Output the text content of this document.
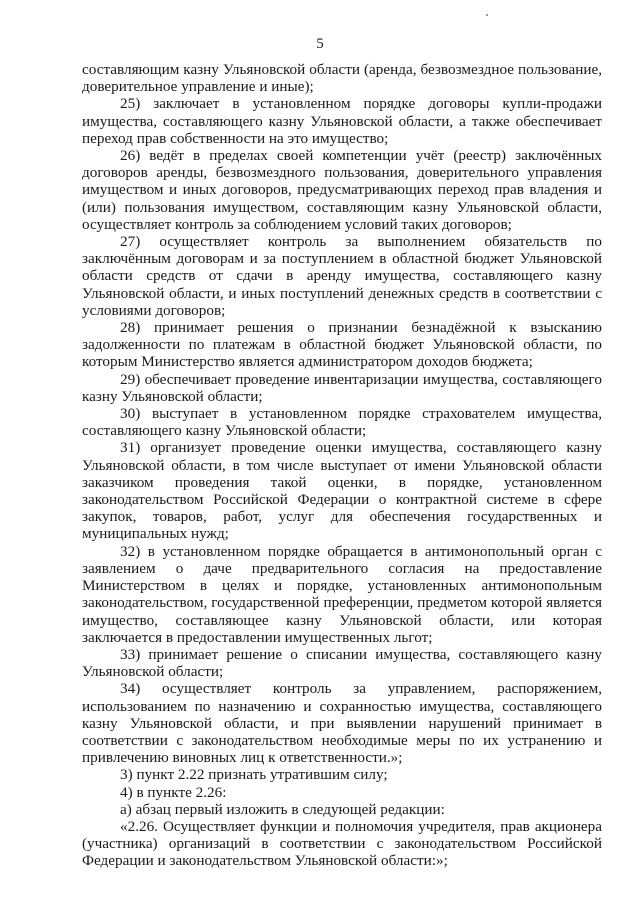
5

составляющим казну Ульяновской области (аренда, безвозмездное пользование, доверительное управление и иные);

25) заключает в установленном порядке договоры купли-продажи имущества, составляющего казну Ульяновской области, а также обеспечивает переход прав собственности на это имущество;

26) ведёт в пределах своей компетенции учёт (реестр) заключённых договоров аренды, безвозмездного пользования, доверительного управления имуществом и иных договоров, предусматривающих переход прав владения и (или) пользования имуществом, составляющим казну Ульяновской области, осуществляет контроль за соблюдением условий таких договоров;

27) осуществляет контроль за выполнением обязательств по заключённым договорам и за поступлением в областной бюджет Ульяновской области средств от сдачи в аренду имущества, составляющего казну Ульяновской области, и иных поступлений денежных средств в соответствии с условиями договоров;

28) принимает решения о признании безнадёжной к взысканию задолженности по платежам в областной бюджет Ульяновской области, по которым Министерство является администратором доходов бюджета;

29) обеспечивает проведение инвентаризации имущества, составляющего казну Ульяновской области;

30) выступает в установленном порядке страхователем имущества, составляющего казну Ульяновской области;

31) организует проведение оценки имущества, составляющего казну Ульяновской области, в том числе выступает от имени Ульяновской области заказчиком проведения такой оценки, в порядке, установленном законодательством Российской Федерации о контрактной системе в сфере закупок, товаров, работ, услуг для обеспечения государственных и муниципальных нужд;

32) в установленном порядке обращается в антимонопольный орган с заявлением о даче предварительного согласия на предоставление Министерством в целях и порядке, установленных антимонопольным законодательством, государственной преференции, предметом которой является имущество, составляющее казну Ульяновской области, или которая заключается в предоставлении имущественных льгот;

33) принимает решение о списании имущества, составляющего казну Ульяновской области;

34) осуществляет контроль за управлением, распоряжением, использованием по назначению и сохранностью имущества, составляющего казну Ульяновской области, и при выявлении нарушений принимает в соответствии с законодательством необходимые меры по их устранению и привлечению виновных лиц к ответственности.»;

3) пункт 2.22 признать утратившим силу;

4) в пункте 2.26:

а) абзац первый изложить в следующей редакции:

«2.26. Осуществляет функции и полномочия учредителя, прав акционера (участника) организаций в соответствии с законодательством Российской Федерации и законодательством Ульяновской области:»;
